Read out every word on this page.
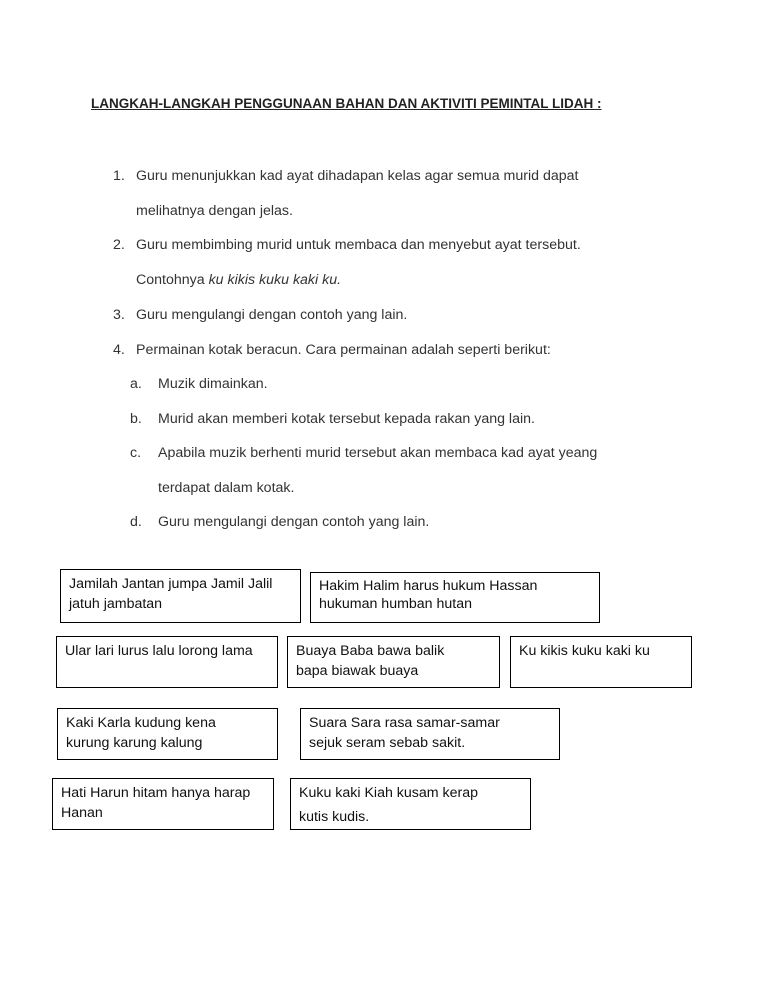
LANGKAH-LANGKAH PENGGUNAAN BAHAN DAN AKTIVITI PEMINTAL LIDAH :
1. Guru menunjukkan kad ayat dihadapan kelas agar semua murid dapat
melihatnya dengan jelas.
2. Guru membimbing murid untuk membaca dan menyebut ayat tersebut.
Contohnya ku kikis kuku kaki ku.
3. Guru mengulangi dengan contoh yang lain.
4. Permainan kotak beracun. Cara permainan adalah seperti berikut:
a. Muzik dimainkan.
b. Murid akan memberi kotak tersebut kepada rakan yang lain.
c. Apabila muzik berhenti murid tersebut akan membaca kad ayat yeang
terdapat dalam kotak.
d. Guru mengulangi dengan contoh yang lain.
Jamilah Jantan jumpa Jamil Jalil
jatuh jambatan
Hakim Halim harus hukum Hassan
hukuman humban hutan
Ular lari lurus lalu lorong lama	Buaya Baba bawa balik
bapa biawak buaya
Ku kikis kuku kaki ku
Kaki Karla kudung kena
kurung karung kalung
Suara Sara rasa samar-samar
sejuk seram sebab sakit.
Hati Harun hitam hanya harap
Hanan
Kuku kaki Kiah kusam kerap
kutis kudis.
